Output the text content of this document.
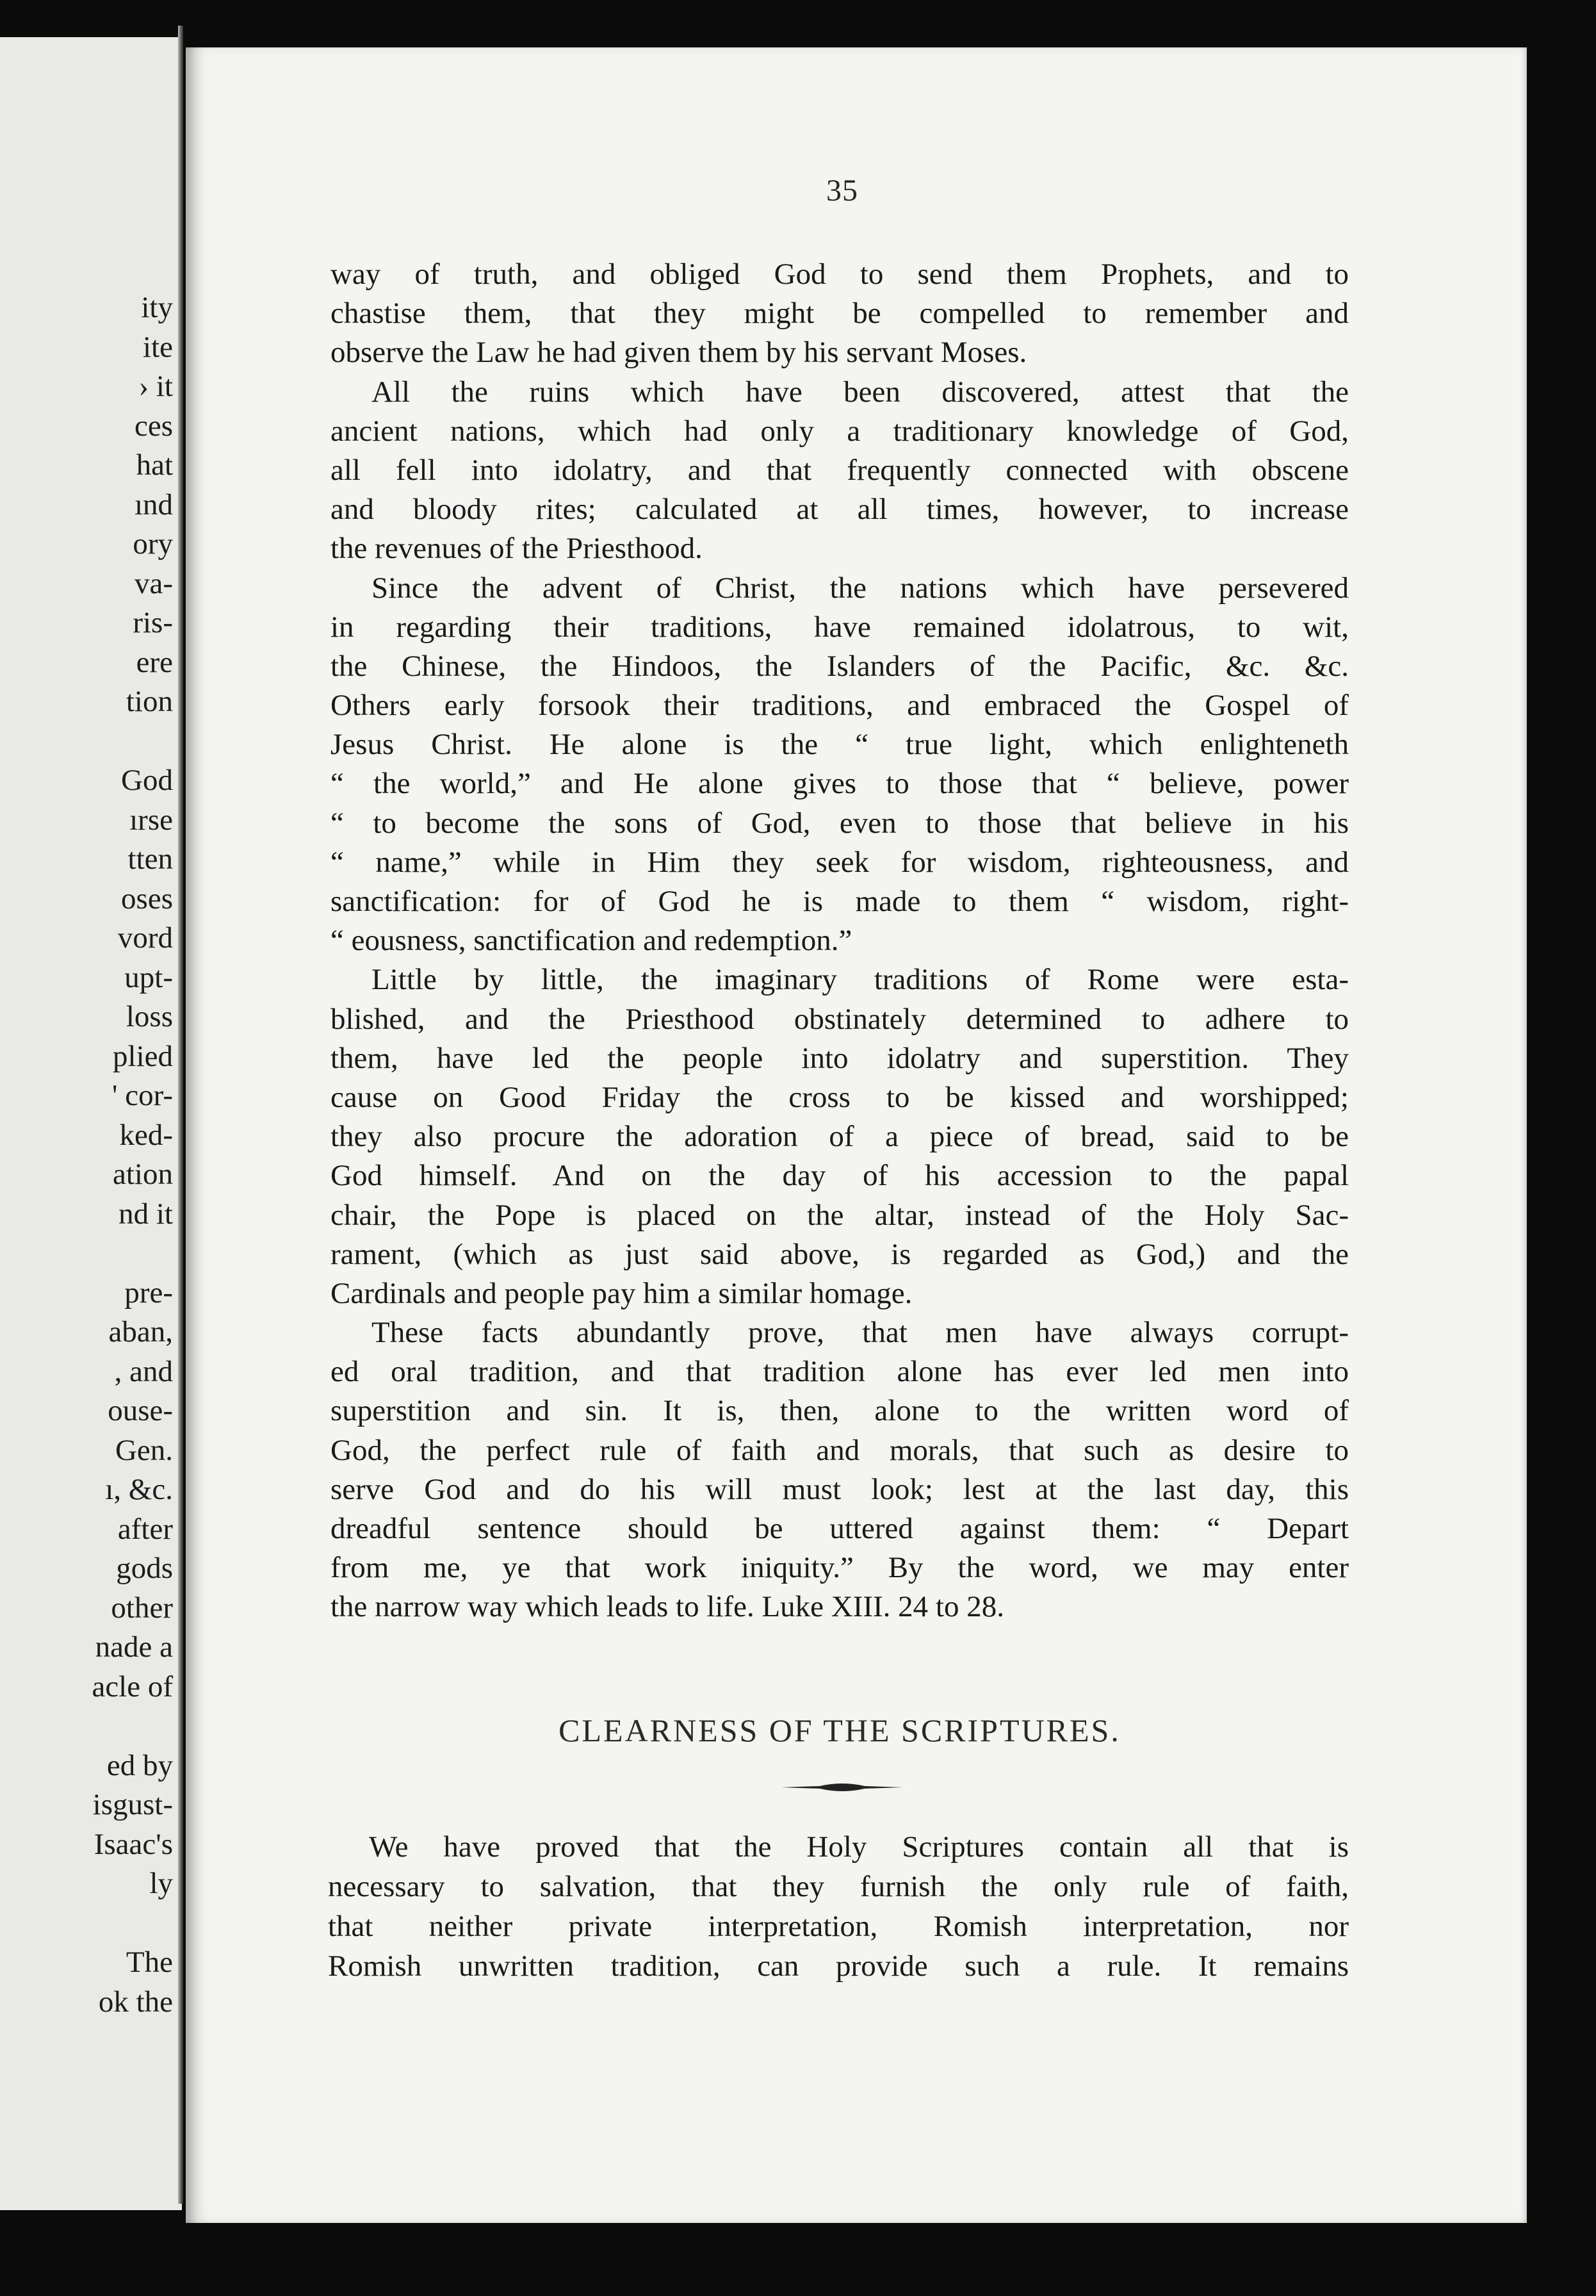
ity
ite
› it
ces
hat
ınd
ory
va-
ris-
ere
tion
God
ırse
tten
oses
vord
upt-
loss
plied
' cor-
ked-
ation
nd it
pre-
aban,
, and
ouse-
Gen.
ı, &c.
after
gods
other
nade a
acle of
ed by
isgust-
Isaac's
ly
The
ok the
35
way of truth, and obliged God to send them Prophets, and to
chastise them, that they might be compelled to remember and
observe the Law he had given them by his servant Moses.
All the ruins which have been discovered, attest that the
ancient nations, which had only a traditionary knowledge of God,
all fell into idolatry, and that frequently connected with obscene
and bloody rites; calculated at all times, however, to increase
the revenues of the Priesthood.
Since the advent of Christ, the nations which have persevered
in regarding their traditions, have remained idolatrous, to wit,
the Chinese, the Hindoos, the Islanders of the Pacific, &c. &c.
Others early forsook their traditions, and embraced the Gospel of
Jesus Christ. He alone is the “ true light, which enlighteneth
“ the world,” and He alone gives to those that “ believe, power
“ to become the sons of God, even to those that believe in his
“ name,” while in Him they seek for wisdom, righteousness, and
sanctification: for of God he is made to them “ wisdom, right-
“ eousness, sanctification and redemption.”
Little by little, the imaginary traditions of Rome were esta-
blished, and the Priesthood obstinately determined to adhere to
them, have led the people into idolatry and superstition. They
cause on Good Friday the cross to be kissed and worshipped;
they also procure the adoration of a piece of bread, said to be
God himself. And on the day of his accession to the papal
chair, the Pope is placed on the altar, instead of the Holy Sac-
rament, (which as just said above, is regarded as God,) and the
Cardinals and people pay him a similar homage.
These facts abundantly prove, that men have always corrupt-
ed oral tradition, and that tradition alone has ever led men into
superstition and sin. It is, then, alone to the written word of
God, the perfect rule of faith and morals, that such as desire to
serve God and do his will must look; lest at the last day, this
dreadful sentence should be uttered against them: “ Depart
from me, ye that work iniquity.” By the word, we may enter
the narrow way which leads to life. Luke XIII. 24 to 28.
CLEARNESS OF THE SCRIPTURES.
We have proved that the Holy Scriptures contain all that is
necessary to salvation, that they furnish the only rule of faith,
that neither private interpretation, Romish interpretation, nor
Romish unwritten tradition, can provide such a rule. It remains
